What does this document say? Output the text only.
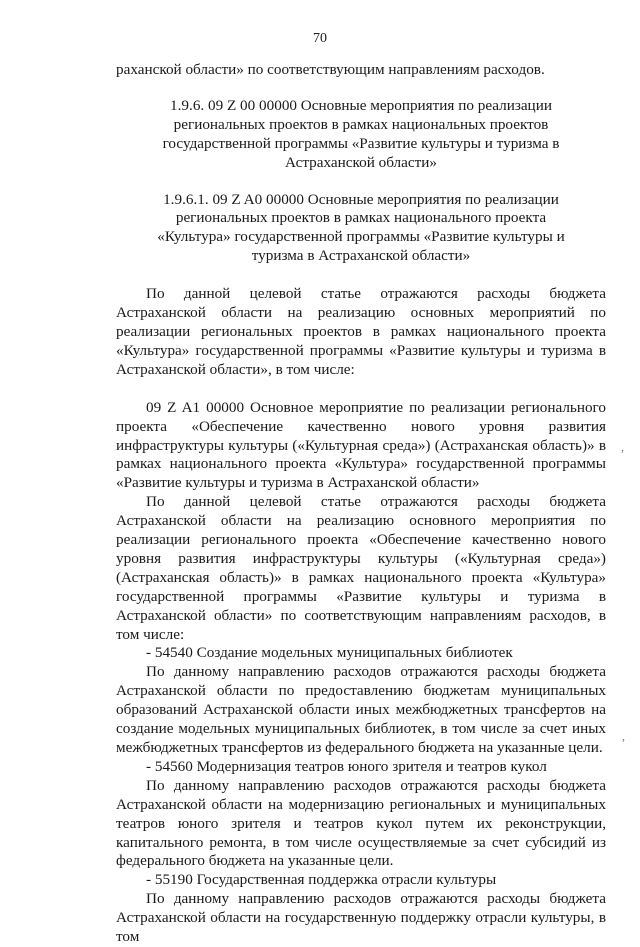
70

раханской области» по соответствующим направлениям расходов.

1.9.6. 09 Z 00 00000 Основные мероприятия по реализации региональных проектов в рамках национальных проектов государственной программы «Развитие культуры и туризма в Астраханской области»

1.9.6.1. 09 Z A0 00000 Основные мероприятия по реализации региональных проектов в рамках национального проекта «Культура» государственной программы «Развитие культуры и туризма в Астраханской области»

По данной целевой статье отражаются расходы бюджета Астраханской области на реализацию основных мероприятий по реализации региональных проектов в рамках национального проекта «Культура» государственной программы «Развитие культуры и туризма в Астраханской области», в том числе:

09 Z A1 00000 Основное мероприятие по реализации регионального проекта «Обеспечение качественно нового уровня развития инфраструктуры культуры («Культурная среда») (Астраханская область)» в рамках национального проекта «Культура» государственной программы «Развитие культуры и туризма в Астраханской области»

По данной целевой статье отражаются расходы бюджета Астраханской области на реализацию основного мероприятия по реализации регионального проекта «Обеспечение качественно нового уровня развития инфраструктуры культуры («Культурная среда») (Астраханская область)» в рамках национального проекта «Культура» государственной программы «Развитие культуры и туризма в Астраханской области» по соответствующим направлениям расходов, в том числе:

- 54540 Создание модельных муниципальных библиотек

По данному направлению расходов отражаются расходы бюджета Астраханской области по предоставлению бюджетам муниципальных образований Астраханской области иных межбюджетных трансфертов на создание модельных муниципальных библиотек, в том числе за счет иных межбюджетных трансфертов из федерального бюджета на указанные цели.

- 54560 Модернизация театров юного зрителя и театров кукол

По данному направлению расходов отражаются расходы бюджета Астраханской области на модернизацию региональных и муниципальных театров юного зрителя и театров кукол путем их реконструкции, капитального ремонта, в том числе осуществляемые за счет субсидий из федерального бюджета на указанные цели.

- 55190 Государственная поддержка отрасли культуры

По данному направлению расходов отражаются расходы бюджета Астраханской области на государственную поддержку отрасли культуры, в том

,
,
